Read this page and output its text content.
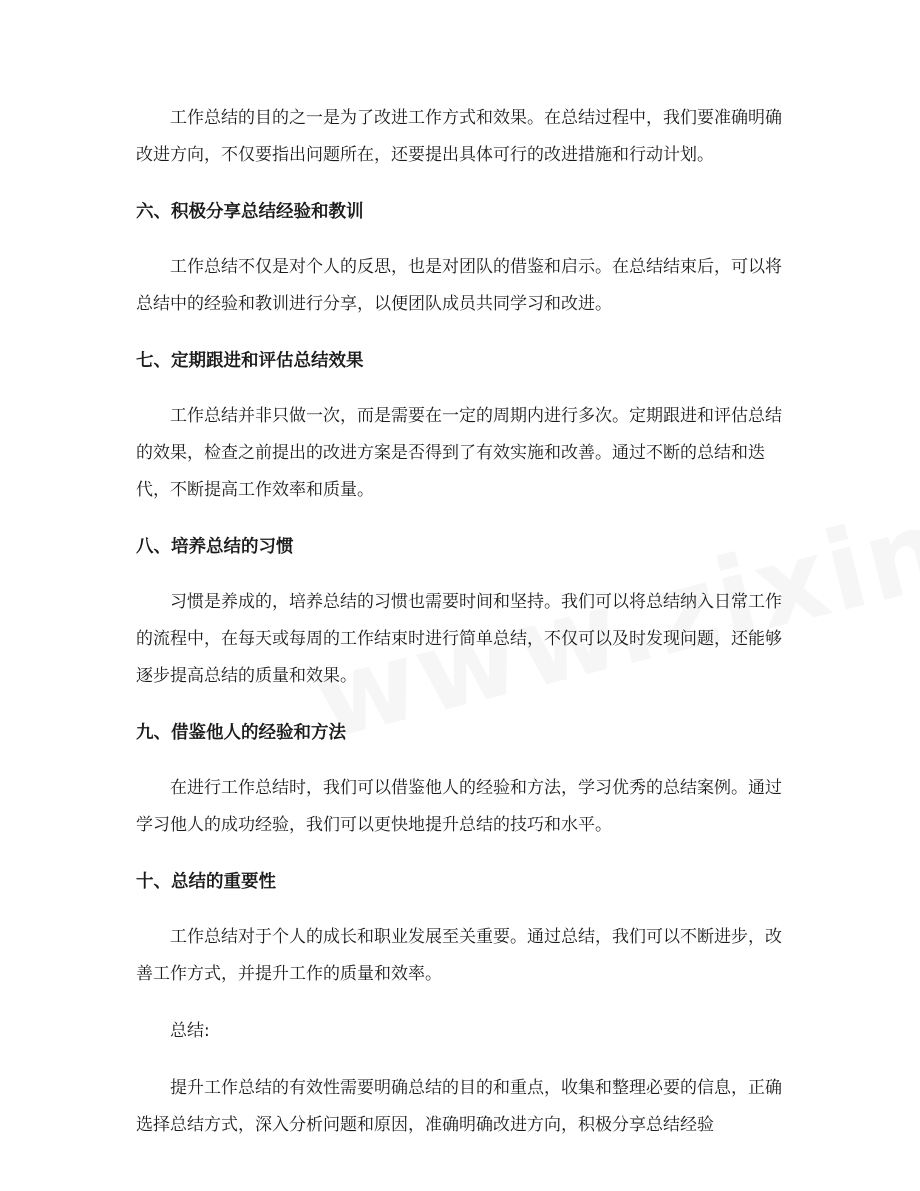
工作总结的目的之一是为了改进工作方式和效果。在总结过程中，我们要准确明确改进方向，不仅要指出问题所在，还要提出具体可行的改进措施和行动计划。

六、积极分享总结经验和教训

工作总结不仅是对个人的反思，也是对团队的借鉴和启示。在总结结束后，可以将总结中的经验和教训进行分享，以便团队成员共同学习和改进。

七、定期跟进和评估总结效果

工作总结并非只做一次，而是需要在一定的周期内进行多次。定期跟进和评估总结的效果，检查之前提出的改进方案是否得到了有效实施和改善。通过不断的总结和迭代，不断提高工作效率和质量。

八、培养总结的习惯

习惯是养成的，培养总结的习惯也需要时间和坚持。我们可以将总结纳入日常工作的流程中，在每天或每周的工作结束时进行简单总结，不仅可以及时发现问题，还能够逐步提高总结的质量和效果。

九、借鉴他人的经验和方法

在进行工作总结时，我们可以借鉴他人的经验和方法，学习优秀的总结案例。通过学习他人的成功经验，我们可以更快地提升总结的技巧和水平。

十、总结的重要性

工作总结对于个人的成长和职业发展至关重要。通过总结，我们可以不断进步，改善工作方式，并提升工作的质量和效率。

总结:

提升工作总结的有效性需要明确总结的目的和重点，收集和整理必要的信息，正确选择总结方式，深入分析问题和原因，准确明确改进方向，积极分享总结经验
